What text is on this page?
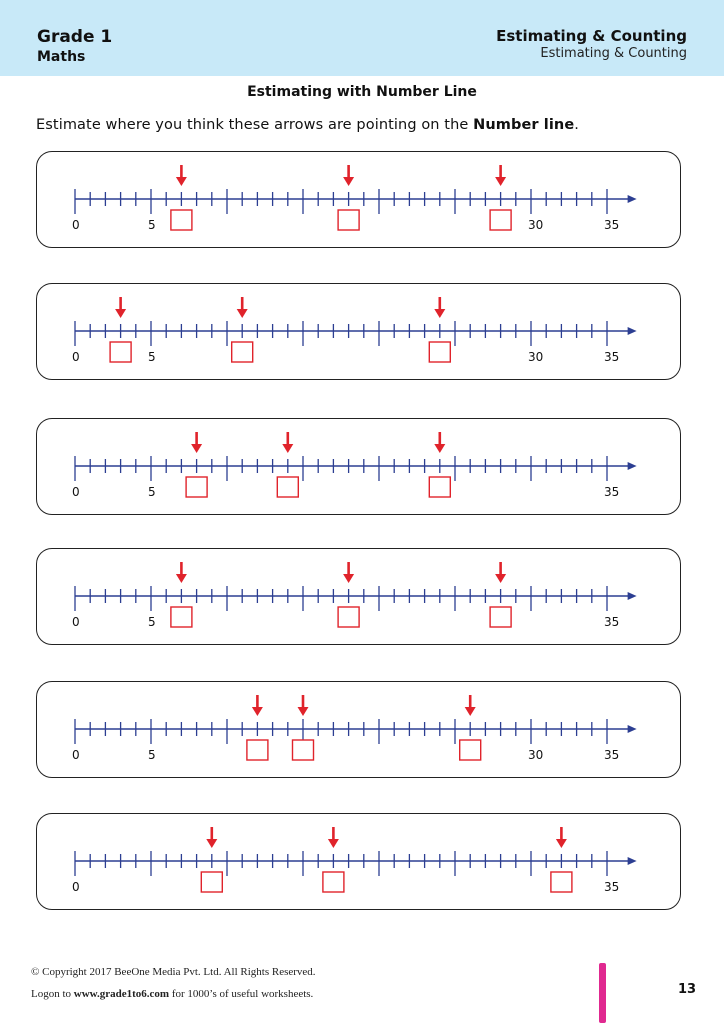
Grade 1
Maths
Estimating & Counting
Estimating & Counting
Estimating with Number Line
Estimate where you think these arrows are pointing on the Number line.
0	5	30	35
0	5	30	35
0	5	35
0	5	35
0	5	30	35
0	35
© Copyright 2017 BeeOne Media Pvt. Ltd. All Rights Reserved.
Logon to www.grade1to6.com for 1000’s of useful worksheets.	13
